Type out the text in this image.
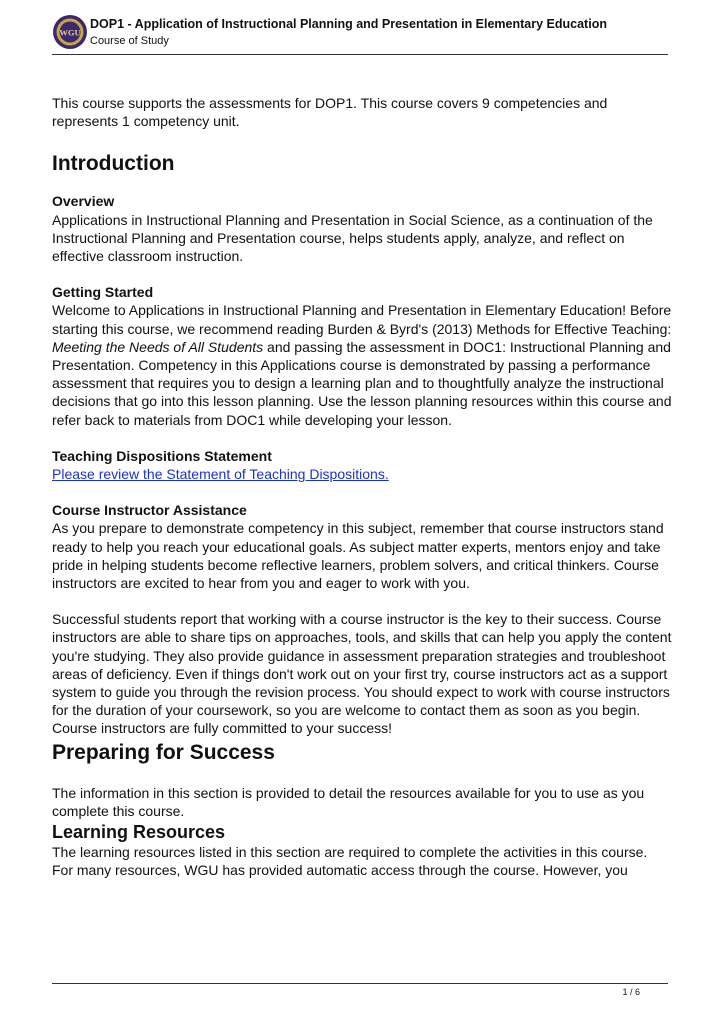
WGU
DOP1 - Application of Instructional Planning and Presentation in Elementary Education
Course of Study

This course supports the assessments for DOP1. This course covers 9 competencies and represents 1 competency unit.

Introduction

Overview

Applications in Instructional Planning and Presentation in Social Science, as a continuation of the Instructional Planning and Presentation course, helps students apply, analyze, and reflect on effective classroom instruction.

Getting Started

Welcome to Applications in Instructional Planning and Presentation in Elementary Education! Before starting this course, we recommend reading Burden & Byrd's (2013) Methods for Effective Teaching: Meeting the Needs of All Students and passing the assessment in DOC1: Instructional Planning and Presentation. Competency in this Applications course is demonstrated by passing a performance assessment that requires you to design a learning plan and to thoughtfully analyze the instructional decisions that go into this lesson planning. Use the lesson planning resources within this course and refer back to materials from DOC1 while developing your lesson.

Teaching Dispositions Statement

Please review the Statement of Teaching Dispositions.

Course Instructor Assistance

As you prepare to demonstrate competency in this subject, remember that course instructors stand ready to help you reach your educational goals. As subject matter experts, mentors enjoy and take pride in helping students become reflective learners, problem solvers, and critical thinkers. Course instructors are excited to hear from you and eager to work with you.

Successful students report that working with a course instructor is the key to their success. Course instructors are able to share tips on approaches, tools, and skills that can help you apply the content you're studying. They also provide guidance in assessment preparation strategies and troubleshoot areas of deficiency. Even if things don't work out on your first try, course instructors act as a support system to guide you through the revision process. You should expect to work with course instructors for the duration of your coursework, so you are welcome to contact them as soon as you begin. Course instructors are fully committed to your success!

Preparing for Success

The information in this section is provided to detail the resources available for you to use as you complete this course.

Learning Resources

The learning resources listed in this section are required to complete the activities in this course. For many resources, WGU has provided automatic access through the course. However, you

1 / 6
